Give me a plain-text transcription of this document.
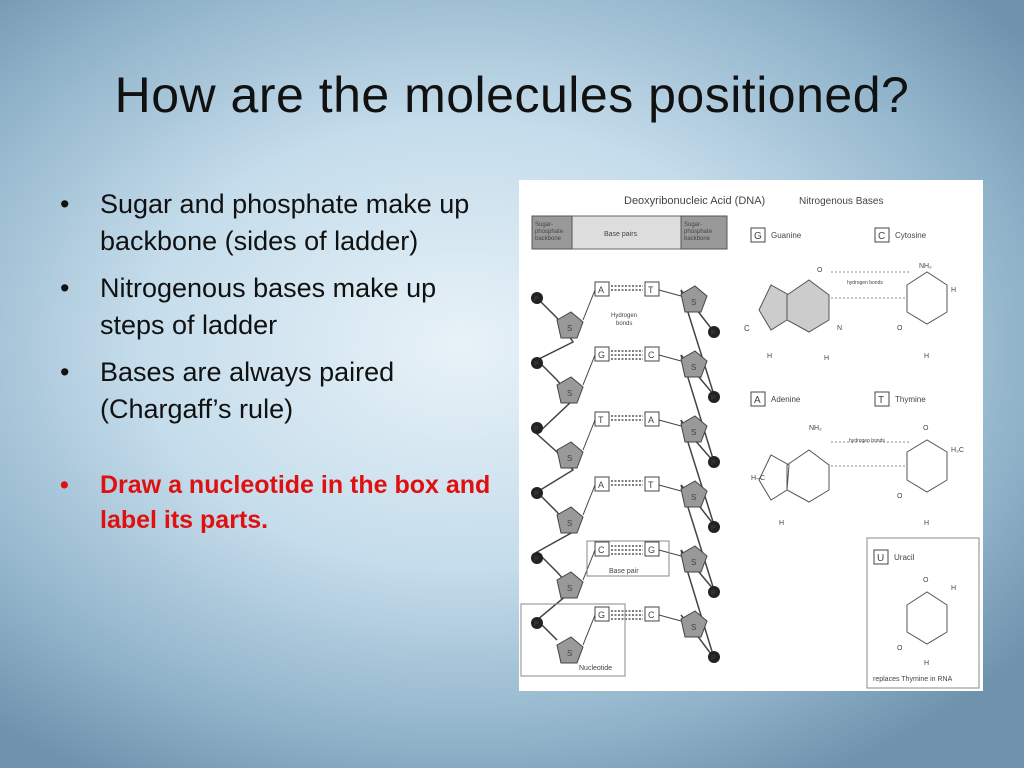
How are the molecules positioned?
• Sugar and phosphate make up backbone (sides of ladder)
• Nitrogenous bases make up steps of ladder
• Bases are always paired (Chargaff’s rule)
• Draw a nucleotide in the box and label its parts.
Deoxyribonucleic Acid (DNA)
Sugar-
phosphate
backbone
Base pairs
Sugar-
phosphate
backbone
P
P
S
S
A	T
P
P
S
S
G	C
P
P
S
S
T	A
P
P
S
S
A	T
P
P
S
S
C	G
P
P
S
S
G	C
Hydrogen
bonds
Base pair
Nucleotide
Nitrogenous Bases
G Guanine
C
H
O
N
H
C Cytosine
NH₂
O
H
H
hydrogen bonds
A Adenine
NH₂
H–C
H
T Thymine
O
H₃C
O
H
hydrogen bonds
U Uracil
O
H
O
H
replaces Thymine in RNA
